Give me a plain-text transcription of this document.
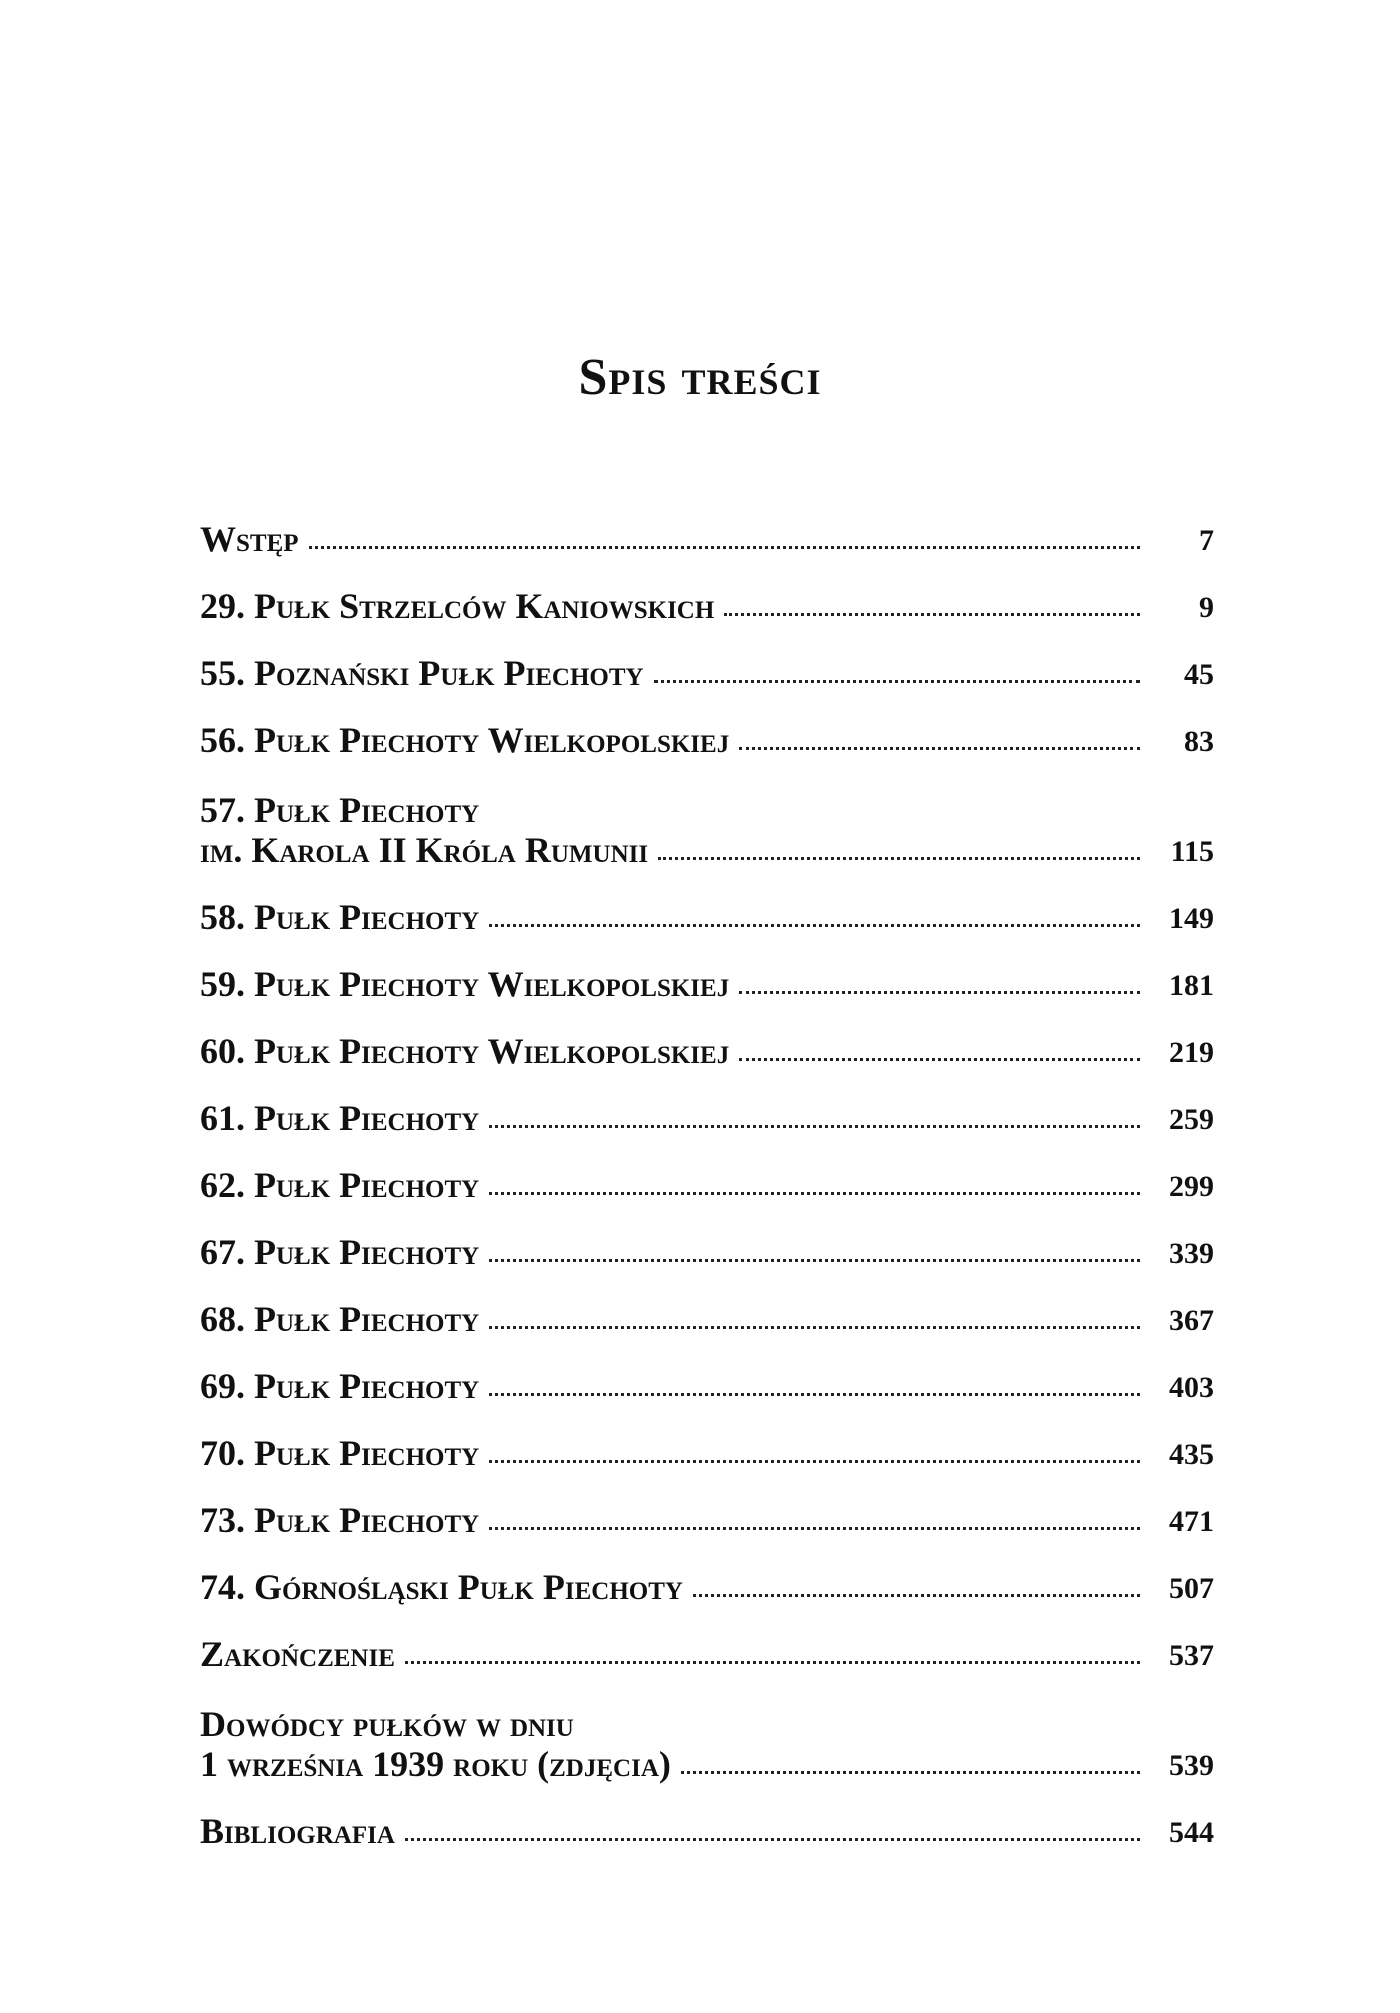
Spis treści
Wstęp	7
29. Pułk Strzelców Kaniowskich	9
55. Poznański Pułk Piechoty	45
56. Pułk Piechoty Wielkopolskiej	83
57. Pułk Piechoty
im. Karola II Króla Rumunii	115
58. Pułk Piechoty	149
59. Pułk Piechoty Wielkopolskiej	181
60. Pułk Piechoty Wielkopolskiej	219
61. Pułk Piechoty	259
62. Pułk Piechoty	299
67. Pułk Piechoty	339
68. Pułk Piechoty	367
69. Pułk Piechoty	403
70. Pułk Piechoty	435
73. Pułk Piechoty	471
74. Górnośląski Pułk Piechoty	507
Zakończenie	537
Dowódcy pułków w dniu
1 września 1939 roku (zdjęcia)	539
Bibliografia	544
